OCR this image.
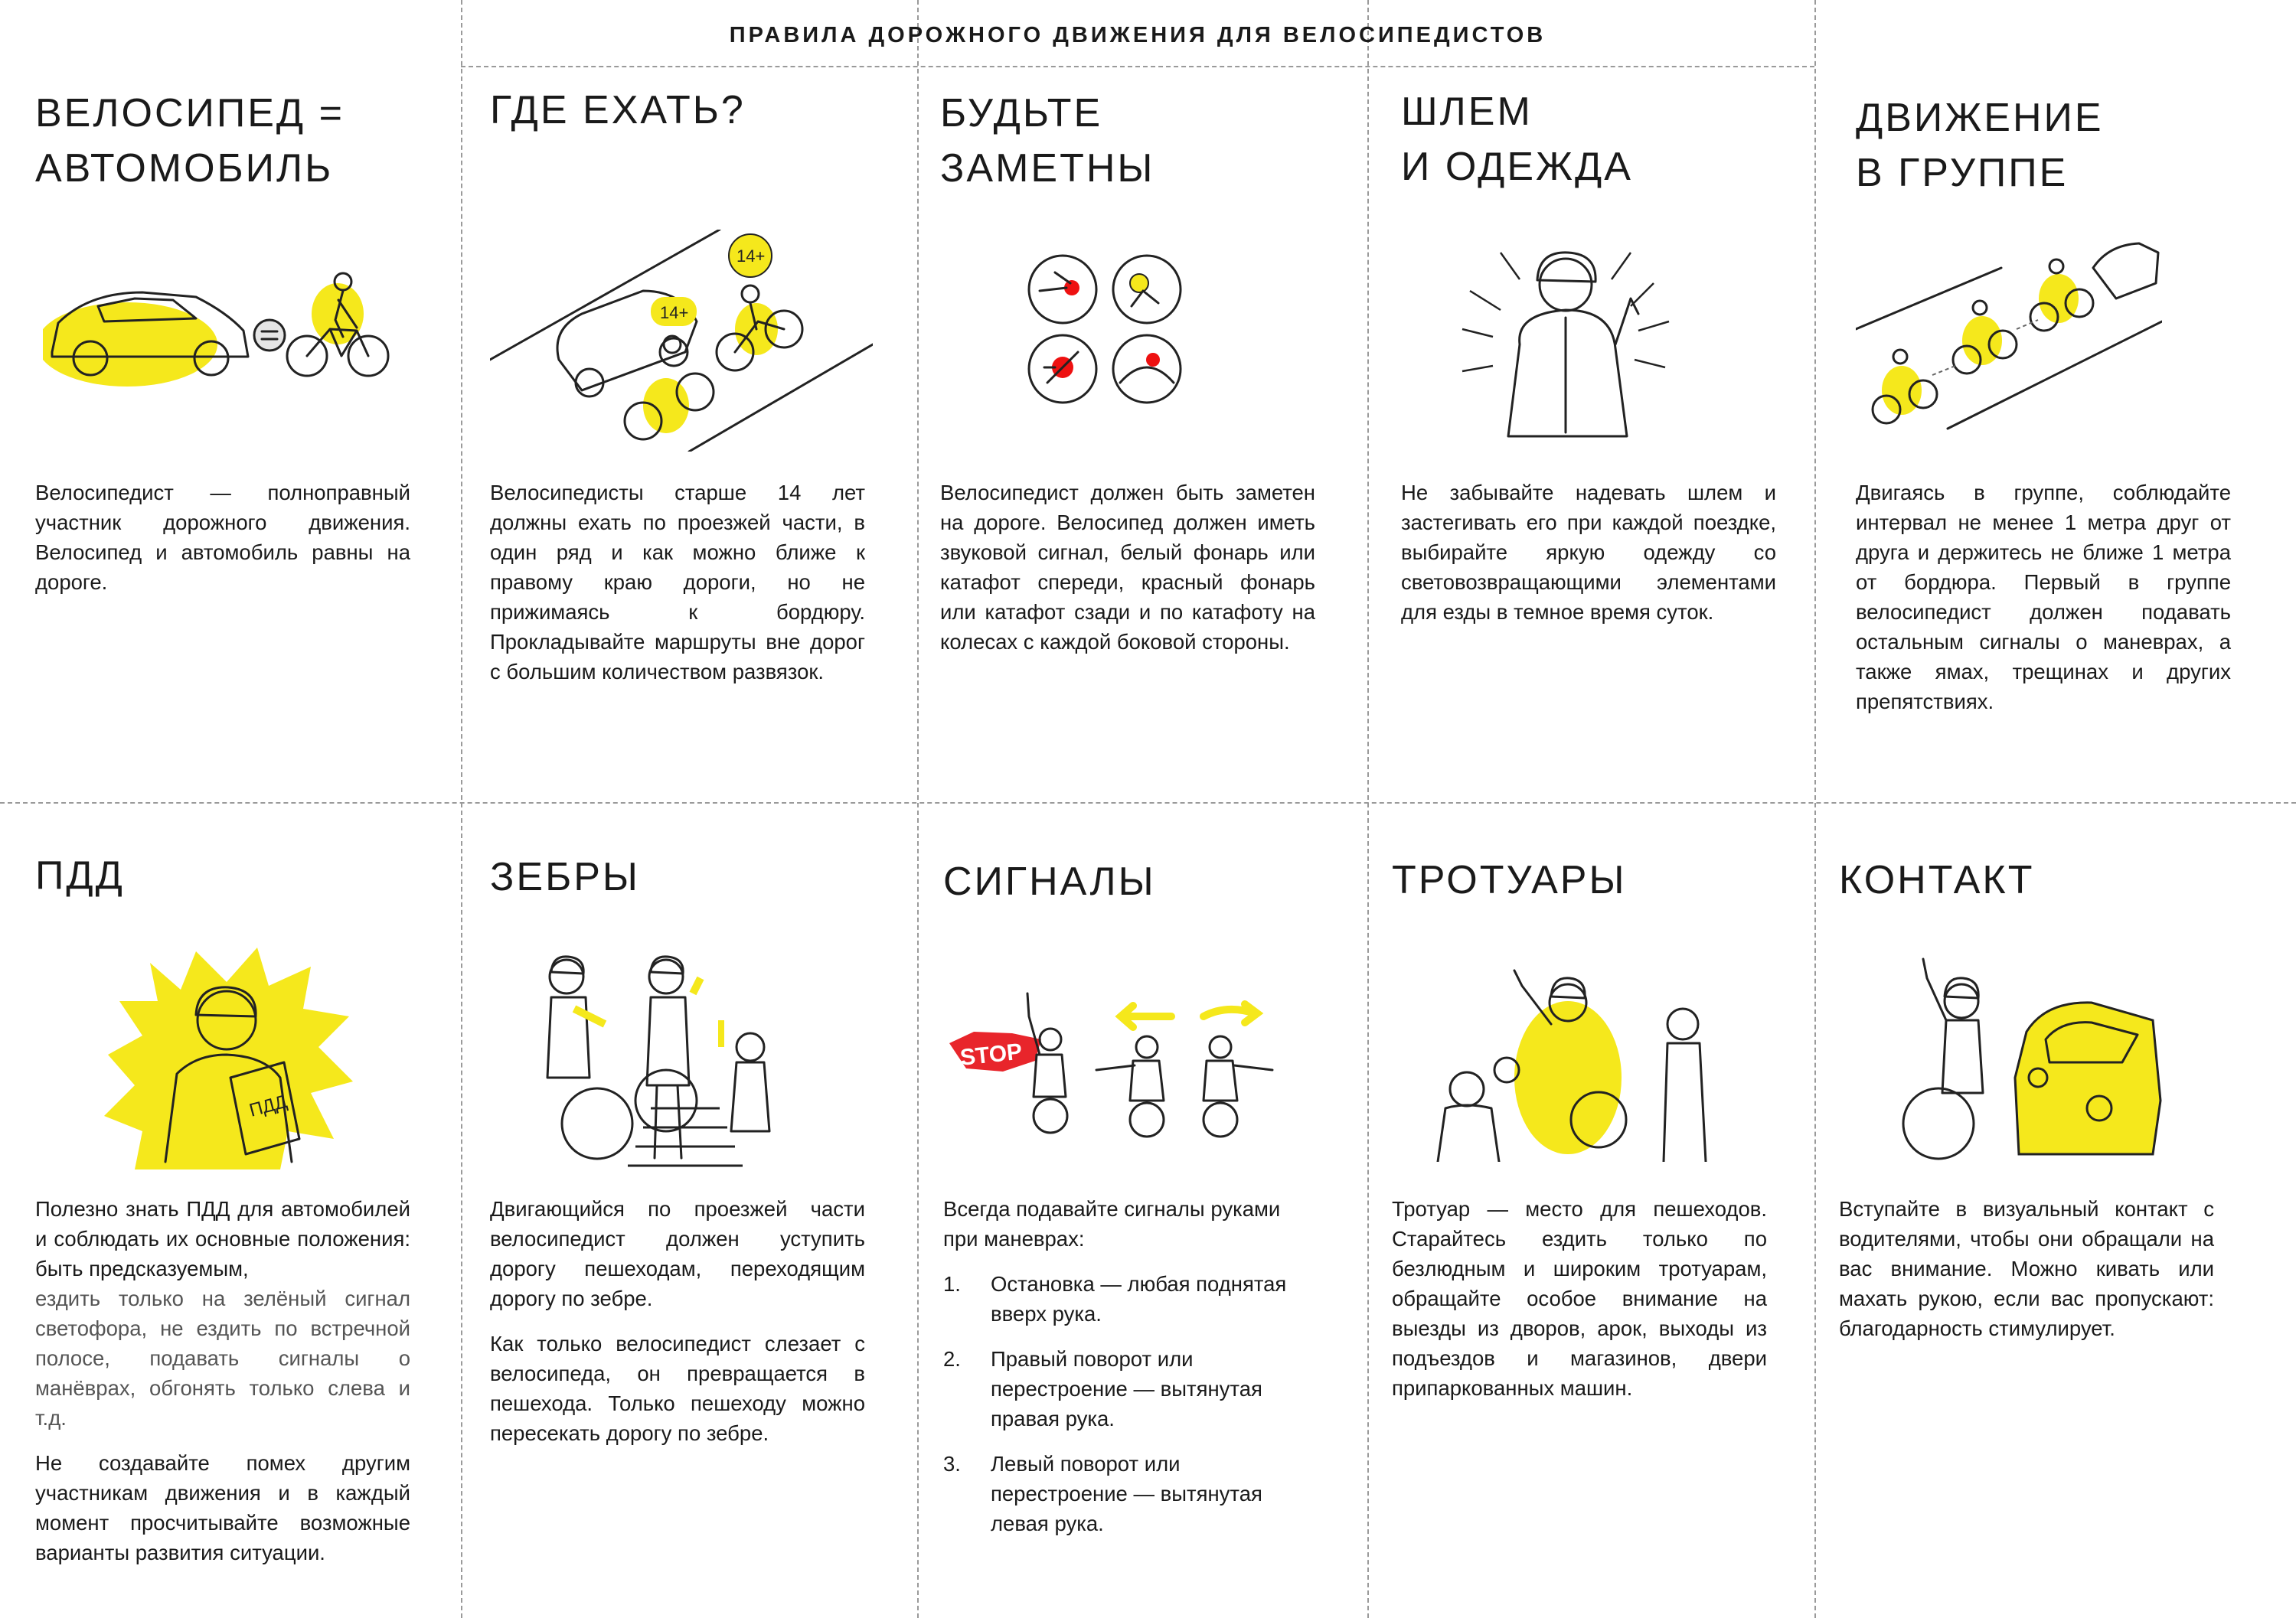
ПРАВИЛА ДОРОЖНОГО ДВИЖЕНИЯ ДЛЯ ВЕЛОСИПЕДИСТОВ
ВЕЛОСИПЕД =
АВТОМОБИЛЬ

Велосипедист — полноправный участник дорожного движения. Велосипед и автомобиль равны на дороге.

ГДЕ ЕХАТЬ?
14+
14+

Велосипедисты старше 14 лет должны ехать по проезжей части, в один ряд и как можно ближе к правому краю дороги, но не прижимаясь к бордюру. Прокладывайте маршруты вне дорог с большим количеством развязок.

БУДЬТЕ
ЗАМЕТНЫ

Велосипедист должен быть заметен на дороге. Велосипед должен иметь звуковой сигнал, белый фонарь или катафот спереди, красный фонарь или катафот сзади и по катафоту на колесах с каждой боковой стороны.

ШЛЕМ
И ОДЕЖДА

Не забывайте надевать шлем и застегивать его при каждой поездке, выбирайте яркую одежду со световозвращающими элементами для езды в темное время суток.

ДВИЖЕНИЕ
В ГРУППЕ

Двигаясь в группе, соблюдайте интервал не менее 1 метра друг от друга и держитесь не ближе 1 метра от бордюра. Первый в группе велосипедист должен подавать остальным сигналы о маневрах, а также ямах, трещинах и других препятствиях.

ПДД
ПДД

Полезно знать ПДД для автомобилей и соблюдать их основные положения: быть предсказуемым,

ездить только на зелёный сигнал светофора, не ездить по встречной полосе, подавать сигналы о манёврах, обгонять только слева и т.д.

Не создавайте помех другим участникам движения и в каждый момент просчитывайте возможные варианты развития ситуации.

ЗЕБРЫ

Двигающийся по проезжей части велосипедист должен уступить дорогу пешеходам, переходящим дорогу по зебре.

Как только велосипедист слезает с велосипеда, он превращается в пешехода. Только пешеходу можно пересекать дорогу по зебре.

СИГНАЛЫ
STOP

Всегда подавайте сигналы руками при маневрах:

1. Остановка — любая поднятая вверх рука.
2. Правый поворот или перестроение — вытянутая правая рука.
3. Левый поворот или перестроение — вытянутая левая рука.
ТРОТУАРЫ

Тротуар — место для пешеходов. Старайтесь ездить только по безлюдным и широким тротуарам, обращайте особое внимание на выезды из дворов, арок, выходы из подъездов и магазинов, двери припаркованных машин.

КОНТАКТ

Вступайте в визуальный контакт с водителями, чтобы они обращали на вас внимание. Можно кивать или махать рукою, если вас пропускают: благодарность стимулирует.
